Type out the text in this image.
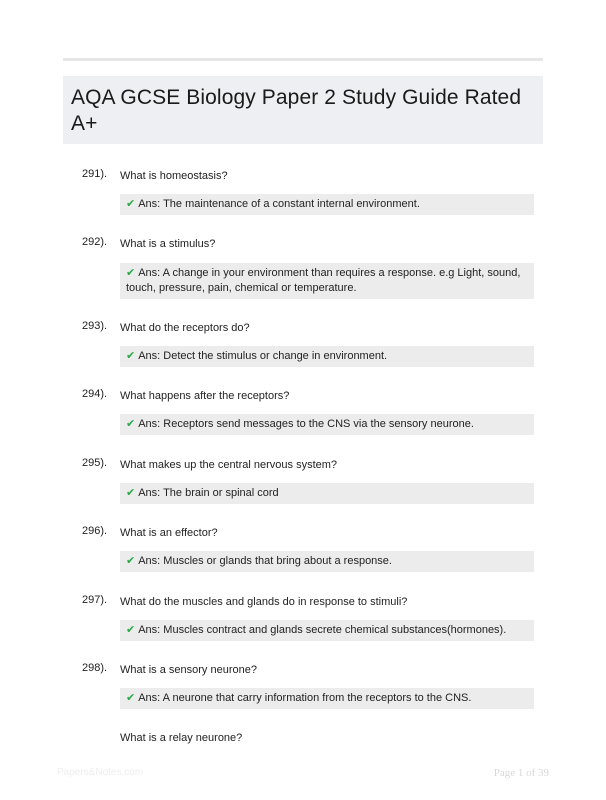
AQA GCSE Biology Paper 2 Study Guide Rated A+
291). What is homeostasis?
✔ Ans: The maintenance of a constant internal environment.
292). What is a stimulus?
✔ Ans: A change in your environment than requires a response. e.g Light, sound, touch, pressure, pain, chemical or temperature.
293). What do the receptors do?
✔ Ans: Detect the stimulus or change in environment.
294). What happens after the receptors?
✔ Ans: Receptors send messages to the CNS via the sensory neurone.
295). What makes up the central nervous system?
✔ Ans: The brain or spinal cord
296). What is an effector?
✔ Ans: Muscles or glands that bring about a response.
297). What do the muscles and glands do in response to stimuli?
✔ Ans: Muscles contract and glands secrete chemical substances(hormones).
298). What is a sensory neurone?
✔ Ans: A neurone that carry information from the receptors to the CNS.
What is a relay neurone?
Papers&Notes.com	Page 1 of 39
